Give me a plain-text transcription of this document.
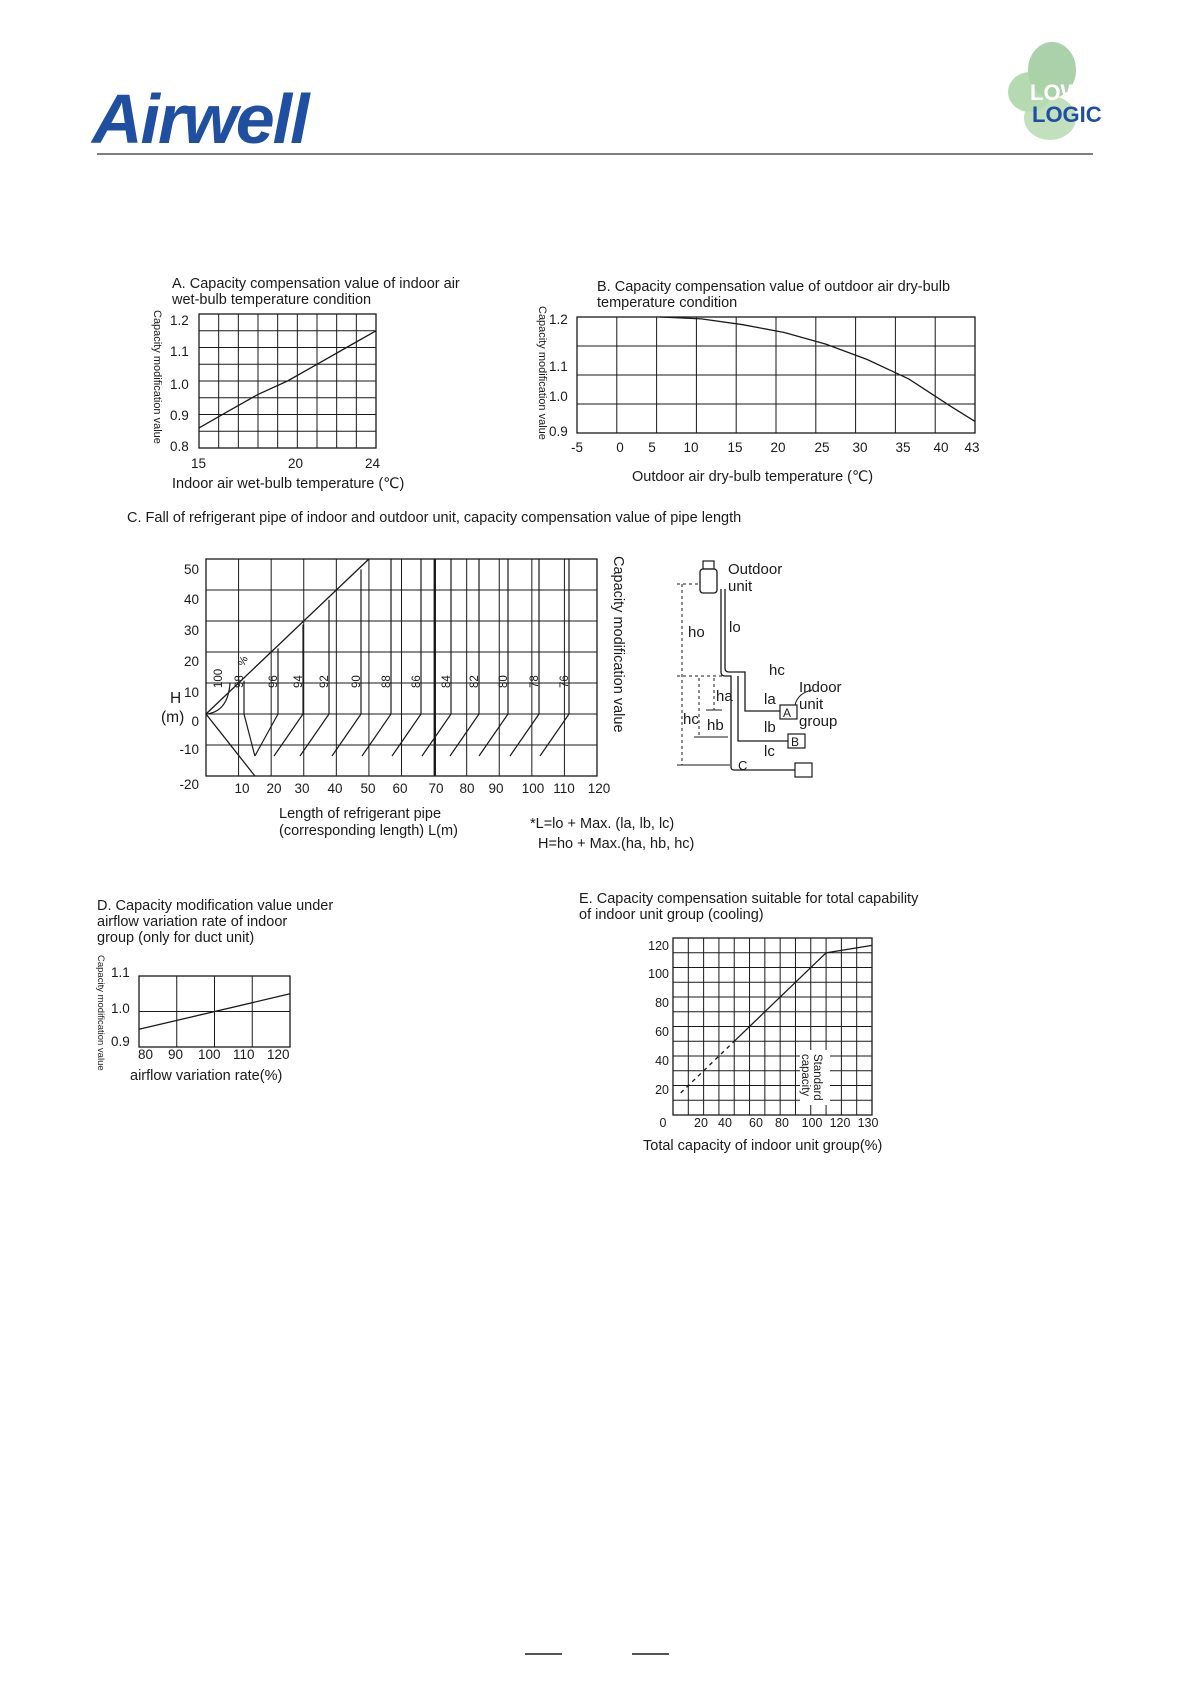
Airwell	LOW
LOGIC
A. Capacity compensation value of indoor air
wet-bulb temperature condition
Capacity modification value 1.2
1.1
1.0
0.9
0.8
15	20	24
Indoor air wet-bulb temperature (℃)
B. Capacity compensation value of outdoor air dry-bulb
temperature condition
Capacity modification value 1.2
1.1
1.0
0.9
-5 0 5 10 15 20 25 30 35 40 43
Outdoor air dry-bulb temperature (℃)
C. Fall of refrigerant pipe of indoor and outdoor unit, capacity compensation value of pipe length
100 98 96 94 92 90 88 86 84 82 80 78 76
50
40
30
20
10
0
-10
-20	10 20 30 40 50 60 70 80 90 100 110 120
H
(m)	Capacity modification value
%
Length of refrigerant pipe
(corresponding length) L(m)	*L=lo + Max. (la, lb, lc)
H=ho + Max.(ha, hb, hc)
Outdoor
unit
ho lo
hc
ha
hb
hc
la
lb
lc
C
A
B
Indoor
unit
group
D. Capacity modification value under
airflow variation rate of indoor
group (only for duct unit)
Capacity modification value 1.1
1.0
0.9
80 90 100 110 120
airflow variation rate(%)
E. Capacity compensation suitable for total capability
of indoor unit group (cooling)
120
100
80
60
40
20
0 20 40 60 80 100 120 130
Standard
capacity
Total capacity of indoor unit group(%)
